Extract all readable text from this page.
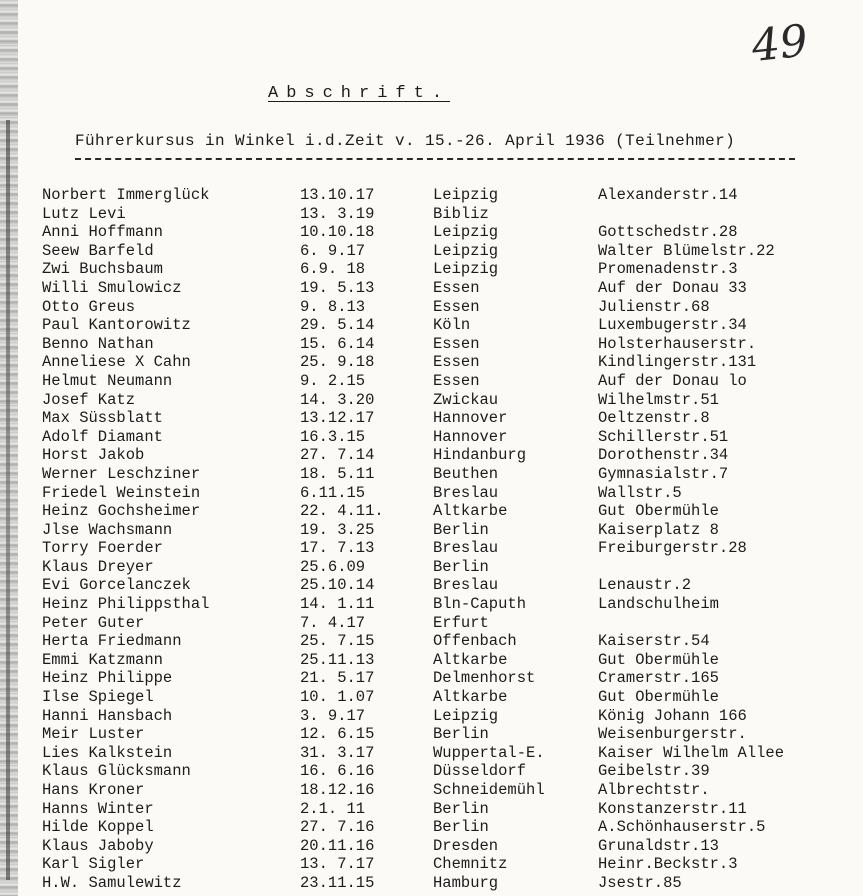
49
Abschrift.
Führerkursus in Winkel i.d.Zeit v. 15.-26. April 1936 (Teilnehmer)
Norbert Immerglück	13.10.17	Leipzig	Alexanderstr.14
Lutz Levi	13. 3.19	Bibliz
Anni Hoffmann	10.10.18	Leipzig	Gottschedstr.28
Seew Barfeld	6. 9.17	Leipzig	Walter Blümelstr.22
Zwi Buchsbaum	6.9. 18	Leipzig	Promenadenstr.3
Willi Smulowicz	19. 5.13	Essen	Auf der Donau 33
Otto Greus	9. 8.13	Essen	Julienstr.68
Paul Kantorowitz	29. 5.14	Köln	Luxembugerstr.34
Benno Nathan	15. 6.14	Essen	Holsterhauserstr.
Anneliese X Cahn	25. 9.18	Essen	Kindlingerstr.131
Helmut Neumann	9. 2.15	Essen	Auf der Donau lo
Josef Katz	14. 3.20	Zwickau	Wilhelmstr.51
Max Süssblatt	13.12.17	Hannover	Oeltzenstr.8
Adolf Diamant	16.3.15	Hannover	Schillerstr.51
Horst Jakob	27. 7.14	Hindanburg	Dorothenstr.34
Werner Leschziner	18. 5.11	Beuthen	Gymnasialstr.7
Friedel Weinstein	6.11.15	Breslau	Wallstr.5
Heinz Gochsheimer	22. 4.11.	Altkarbe	Gut Obermühle
Jlse Wachsmann	19. 3.25	Berlin	Kaiserplatz 8
Torry Foerder	17. 7.13	Breslau	Freiburgerstr.28
Klaus Dreyer	25.6.09	Berlin
Evi Gorcelanczek	25.10.14	Breslau	Lenaustr.2
Heinz Philippsthal	14. 1.11	Bln-Caputh	Landschulheim
Peter Guter	7. 4.17	Erfurt
Herta Friedmann	25. 7.15	Offenbach	Kaiserstr.54
Emmi Katzmann	25.11.13	Altkarbe	Gut Obermühle
Heinz Philippe	21. 5.17	Delmenhorst	Cramerstr.165
Ilse Spiegel	10. 1.07	Altkarbe	Gut Obermühle
Hanni Hansbach	3. 9.17	Leipzig	König Johann 166
Meir Luster	12. 6.15	Berlin	Weisenburgerstr.
Lies Kalkstein	31. 3.17	Wuppertal-E.	Kaiser Wilhelm Allee
Klaus Glücksmann	16. 6.16	Düsseldorf	Geibelstr.39
Hans Kroner	18.12.16	Schneidemühl	Albrechtstr.
Hanns Winter	2.1. 11	Berlin	Konstanzerstr.11
Hilde Koppel	27. 7.16	Berlin	A.Schönhauserstr.5
Klaus Jaboby	20.11.16	Dresden	Grunaldstr.13
Karl Sigler	13. 7.17	Chemnitz	Heinr.Beckstr.3
H.W. Samulewitz	23.11.15	Hamburg	Jsestr.85
